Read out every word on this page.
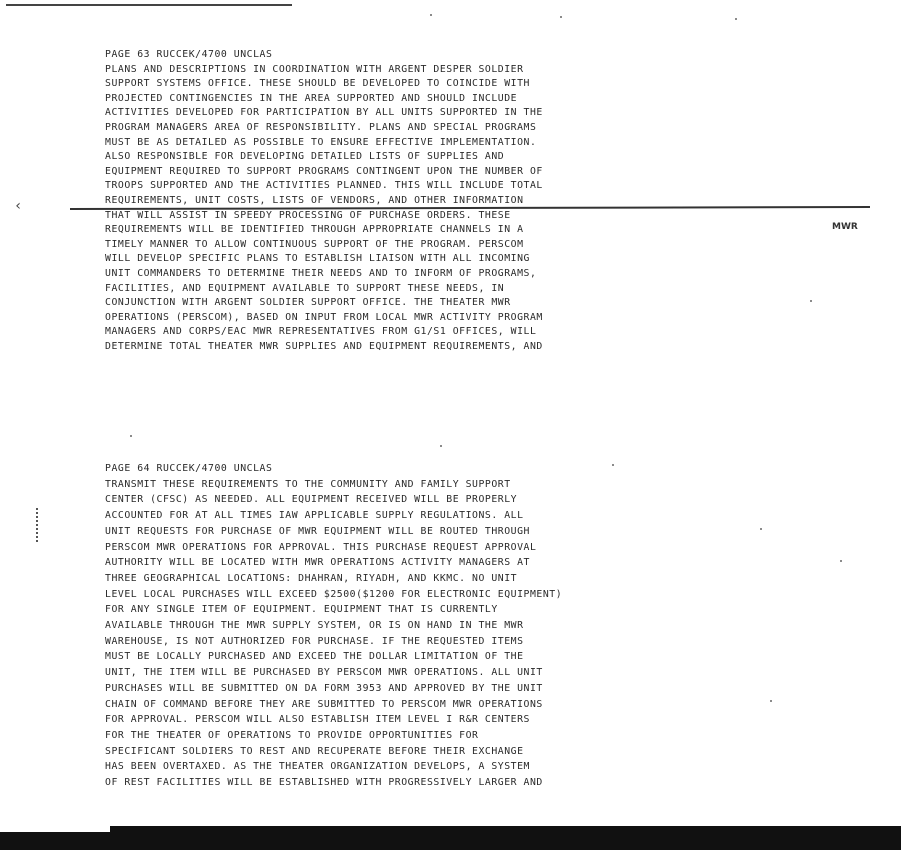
PAGE 63 RUCCEK/4700 UNCLAS
PLANS AND DESCRIPTIONS IN COORDINATION WITH ARGENT DESPER SOLDIER
SUPPORT SYSTEMS OFFICE. THESE SHOULD BE DEVELOPED TO COINCIDE WITH
PROJECTED CONTINGENCIES IN THE AREA SUPPORTED AND SHOULD INCLUDE
ACTIVITIES DEVELOPED FOR PARTICIPATION BY ALL UNITS SUPPORTED IN THE
PROGRAM MANAGERS AREA OF RESPONSIBILITY. PLANS AND SPECIAL PROGRAMS
MUST BE AS DETAILED AS POSSIBLE TO ENSURE EFFECTIVE IMPLEMENTATION.
ALSO RESPONSIBLE FOR DEVELOPING DETAILED LISTS OF SUPPLIES AND
EQUIPMENT REQUIRED TO SUPPORT PROGRAMS CONTINGENT UPON THE NUMBER OF
TROOPS SUPPORTED AND THE ACTIVITIES PLANNED. THIS WILL INCLUDE TOTAL
REQUIREMENTS, UNIT COSTS, LISTS OF VENDORS, AND OTHER INFORMATION
THAT WILL ASSIST IN SPEEDY PROCESSING OF PURCHASE ORDERS. THESE
REQUIREMENTS WILL BE IDENTIFIED THROUGH APPROPRIATE CHANNELS IN A
TIMELY MANNER TO ALLOW CONTINUOUS SUPPORT OF THE PROGRAM. PERSCOM
WILL DEVELOP SPECIFIC PLANS TO ESTABLISH LIAISON WITH ALL INCOMING
UNIT COMMANDERS TO DETERMINE THEIR NEEDS AND TO INFORM OF PROGRAMS,
FACILITIES, AND EQUIPMENT AVAILABLE TO SUPPORT THESE NEEDS, IN
CONJUNCTION WITH ARGENT SOLDIER SUPPORT OFFICE. THE THEATER MWR
OPERATIONS (PERSCOM), BASED ON INPUT FROM LOCAL MWR ACTIVITY PROGRAM
MANAGERS AND CORPS/EAC MWR REPRESENTATIVES FROM G1/S1 OFFICES, WILL
DETERMINE TOTAL THEATER MWR SUPPLIES AND EQUIPMENT REQUIREMENTS, AND
‹
MWR
PAGE 64 RUCCEK/4700 UNCLAS
TRANSMIT THESE REQUIREMENTS TO THE COMMUNITY AND FAMILY SUPPORT
CENTER (CFSC) AS NEEDED. ALL EQUIPMENT RECEIVED WILL BE PROPERLY
ACCOUNTED FOR AT ALL TIMES IAW APPLICABLE SUPPLY REGULATIONS. ALL
UNIT REQUESTS FOR PURCHASE OF MWR EQUIPMENT WILL BE ROUTED THROUGH
PERSCOM MWR OPERATIONS FOR APPROVAL. THIS PURCHASE REQUEST APPROVAL
AUTHORITY WILL BE LOCATED WITH MWR OPERATIONS ACTIVITY MANAGERS AT
THREE GEOGRAPHICAL LOCATIONS: DHAHRAN, RIYADH, AND KKMC. NO UNIT
LEVEL LOCAL PURCHASES WILL EXCEED $2500($1200 FOR ELECTRONIC EQUIPMENT)
FOR ANY SINGLE ITEM OF EQUIPMENT. EQUIPMENT THAT IS CURRENTLY
AVAILABLE THROUGH THE MWR SUPPLY SYSTEM, OR IS ON HAND IN THE MWR
WAREHOUSE, IS NOT AUTHORIZED FOR PURCHASE. IF THE REQUESTED ITEMS
MUST BE LOCALLY PURCHASED AND EXCEED THE DOLLAR LIMITATION OF THE
UNIT, THE ITEM WILL BE PURCHASED BY PERSCOM MWR OPERATIONS. ALL UNIT
PURCHASES WILL BE SUBMITTED ON DA FORM 3953 AND APPROVED BY THE UNIT
CHAIN OF COMMAND BEFORE THEY ARE SUBMITTED TO PERSCOM MWR OPERATIONS
FOR APPROVAL. PERSCOM WILL ALSO ESTABLISH ITEM LEVEL I R&R CENTERS
FOR THE THEATER OF OPERATIONS TO PROVIDE OPPORTUNITIES FOR
SPECIFICANT SOLDIERS TO REST AND RECUPERATE BEFORE THEIR EXCHANGE
HAS BEEN OVERTAXED. AS THE THEATER ORGANIZATION DEVELOPS, A SYSTEM
OF REST FACILITIES WILL BE ESTABLISHED WITH PROGRESSIVELY LARGER AND
